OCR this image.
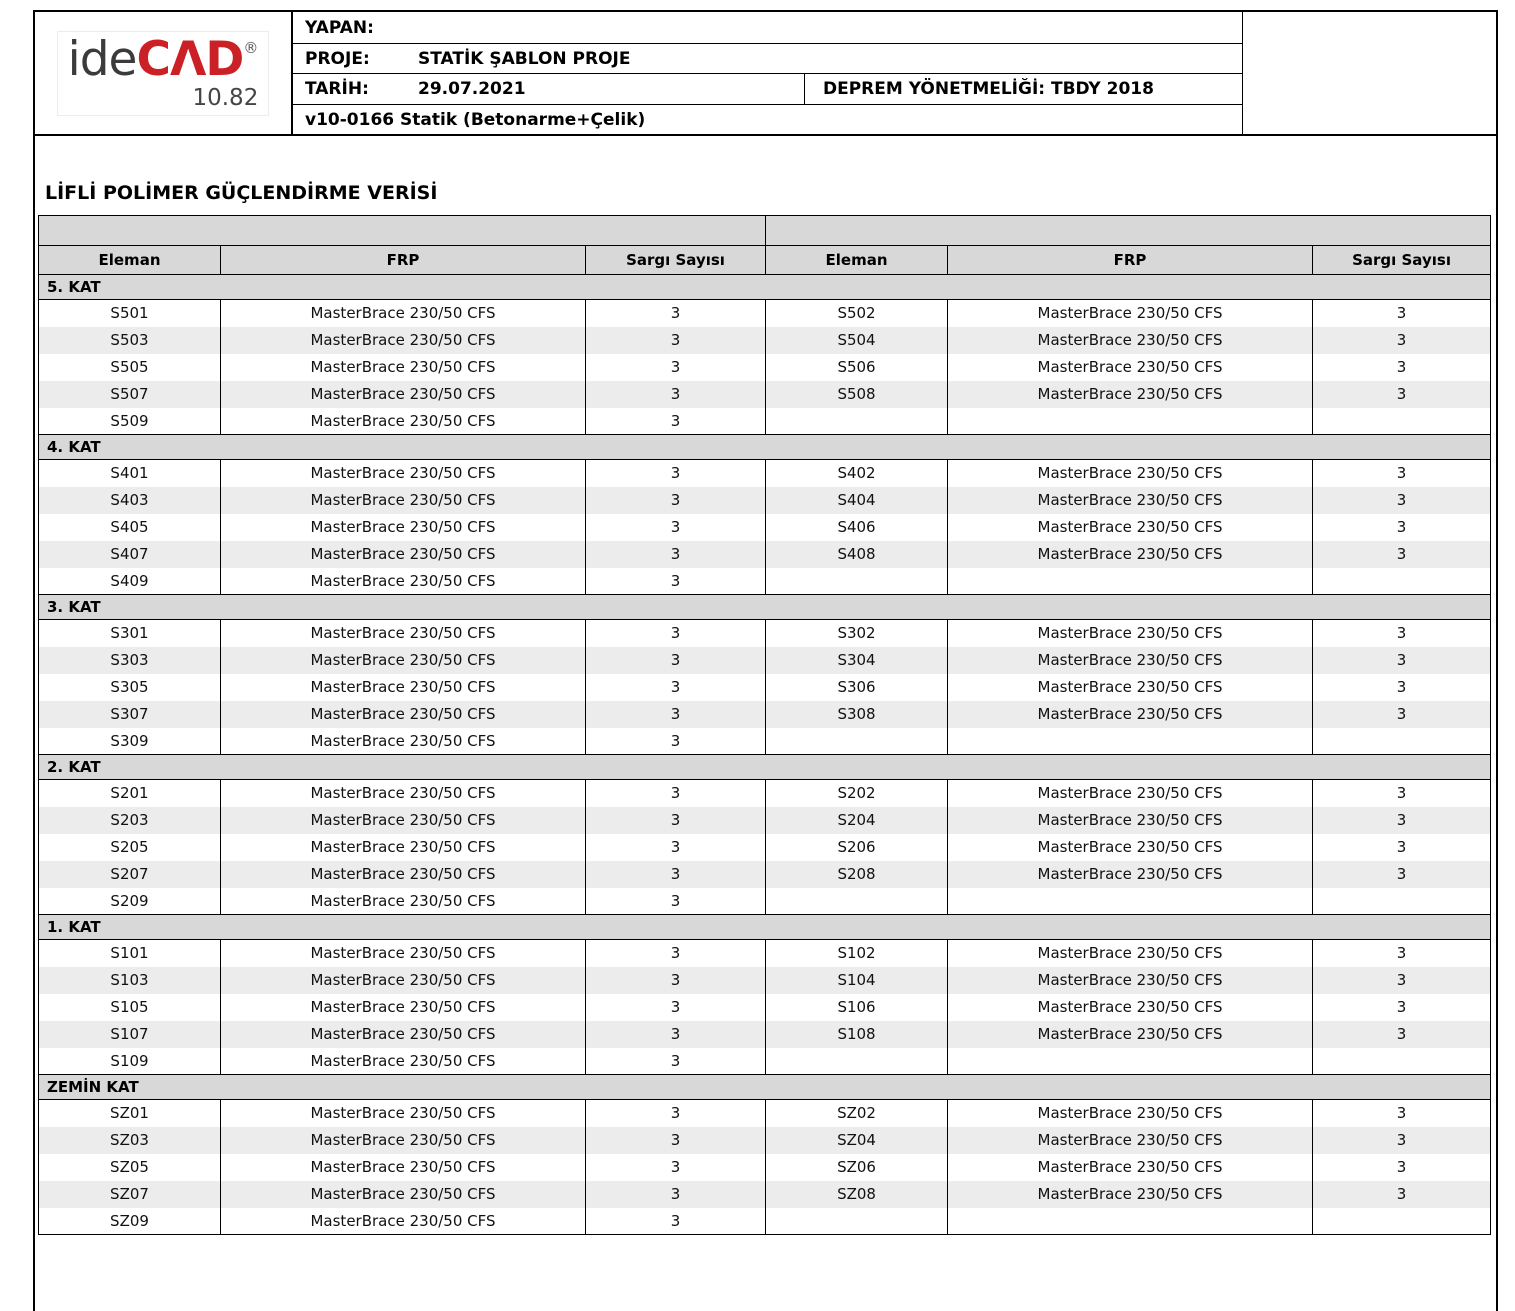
ideCΛD®
10.82
YAPAN:
PROJE:	STATİK ŞABLON PROJE
TARİH:	29.07.2021	DEPREM YÖNETMELİĞİ: TBDY 2018
v10-0166 Statik (Betonarme+Çelik)
LİFLİ POLİMER GÜÇLENDİRME VERİSİ

Eleman	FRP	Sargı Sayısı	Eleman	FRP	Sargı Sayısı
5. KAT					
S501	MasterBrace 230/50 CFS	3	S502	MasterBrace 230/50 CFS	3
S503	MasterBrace 230/50 CFS	3	S504	MasterBrace 230/50 CFS	3
S505	MasterBrace 230/50 CFS	3	S506	MasterBrace 230/50 CFS	3
S507	MasterBrace 230/50 CFS	3	S508	MasterBrace 230/50 CFS	3
S509	MasterBrace 230/50 CFS	3			
4. KAT					
S401	MasterBrace 230/50 CFS	3	S402	MasterBrace 230/50 CFS	3
S403	MasterBrace 230/50 CFS	3	S404	MasterBrace 230/50 CFS	3
S405	MasterBrace 230/50 CFS	3	S406	MasterBrace 230/50 CFS	3
S407	MasterBrace 230/50 CFS	3	S408	MasterBrace 230/50 CFS	3
S409	MasterBrace 230/50 CFS	3			
3. KAT					
S301	MasterBrace 230/50 CFS	3	S302	MasterBrace 230/50 CFS	3
S303	MasterBrace 230/50 CFS	3	S304	MasterBrace 230/50 CFS	3
S305	MasterBrace 230/50 CFS	3	S306	MasterBrace 230/50 CFS	3
S307	MasterBrace 230/50 CFS	3	S308	MasterBrace 230/50 CFS	3
S309	MasterBrace 230/50 CFS	3			
2. KAT					
S201	MasterBrace 230/50 CFS	3	S202	MasterBrace 230/50 CFS	3
S203	MasterBrace 230/50 CFS	3	S204	MasterBrace 230/50 CFS	3
S205	MasterBrace 230/50 CFS	3	S206	MasterBrace 230/50 CFS	3
S207	MasterBrace 230/50 CFS	3	S208	MasterBrace 230/50 CFS	3
S209	MasterBrace 230/50 CFS	3			
1. KAT					
S101	MasterBrace 230/50 CFS	3	S102	MasterBrace 230/50 CFS	3
S103	MasterBrace 230/50 CFS	3	S104	MasterBrace 230/50 CFS	3
S105	MasterBrace 230/50 CFS	3	S106	MasterBrace 230/50 CFS	3
S107	MasterBrace 230/50 CFS	3	S108	MasterBrace 230/50 CFS	3
S109	MasterBrace 230/50 CFS	3			
ZEMİN KAT					
SZ01	MasterBrace 230/50 CFS	3	SZ02	MasterBrace 230/50 CFS	3
SZ03	MasterBrace 230/50 CFS	3	SZ04	MasterBrace 230/50 CFS	3
SZ05	MasterBrace 230/50 CFS	3	SZ06	MasterBrace 230/50 CFS	3
SZ07	MasterBrace 230/50 CFS	3	SZ08	MasterBrace 230/50 CFS	3
SZ09	MasterBrace 230/50 CFS	3			
